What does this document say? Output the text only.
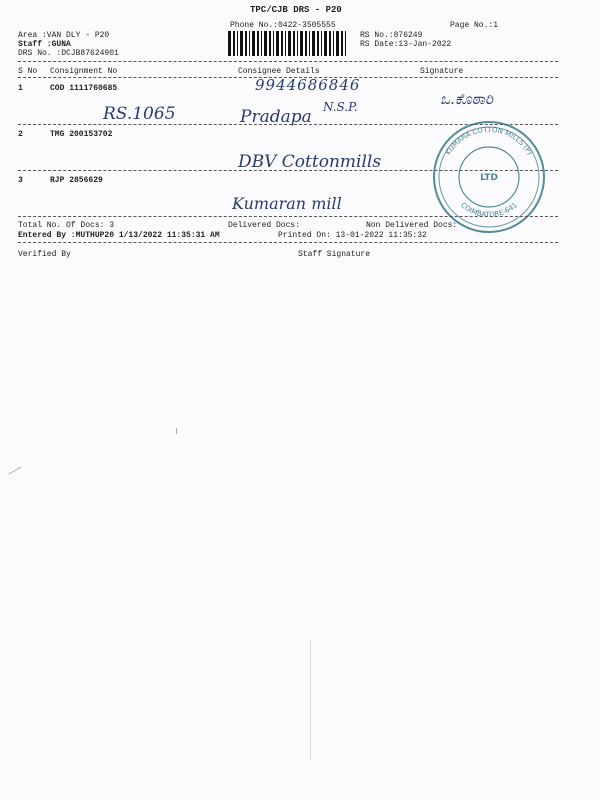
TPC/CJB DRS - P20
Phone No.:0422-3505555	Page No.:1
Area :VAN DLY - P20
Staff :GUNA
DRS No. :DCJB87624901
RS No.:876249
RS Date:13-Jan-2022
S No Consignment No	Consignee Details	Signature
1	COD 1111760685
2	TMG 200153702
3	RJP 2856629
9944686846
RS.1065	Pradapa N.S.P.	ಒ.ಕೊಠಾರಿ
DBV Cottonmills
Kumaran mill
KUMARA COTTON MILLS (P)
COIMBATORE-641
LTD
Total No. Of Docs: 3	Delivered Docs:	Non Delivered Docs:
Entered By :MUTHUP20 1/13/2022 11:35:31 AM	Printed On: 13-01-2022 11:35:32
Verified By	Staff Signature
